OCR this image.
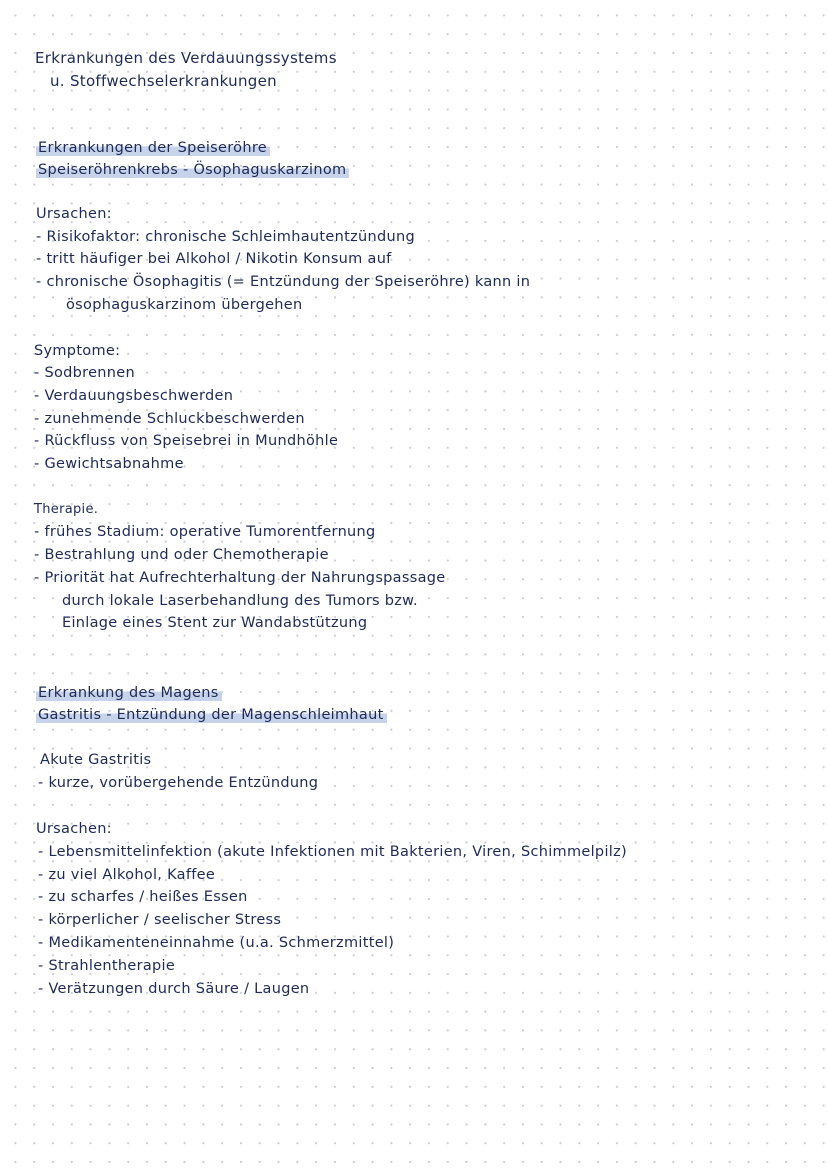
Erkrankungen des Verdauungssystems
u. Stoffwechselerkrankungen
Erkrankungen der Speiseröhre
Speiseröhrenkrebs - Ösophaguskarzinom
Ursachen:
- Risikofaktor: chronische Schleimhautentzündung
- tritt häufiger bei Alkohol / Nikotin Konsum auf
- chronische Ösophagitis (= Entzündung der Speiseröhre) kann in
ösophaguskarzinom übergehen
Symptome:
- Sodbrennen
- Verdauungsbeschwerden
- zunehmende Schluckbeschwerden
- Rückfluss von Speisebrei in Mundhöhle
- Gewichtsabnahme
Therapie.
- frühes Stadium: operative Tumorentfernung
- Bestrahlung und oder Chemotherapie
- Priorität hat Aufrechterhaltung der Nahrungspassage
durch lokale Laserbehandlung des Tumors bzw.
Einlage eines Stent zur Wandabstützung
Erkrankung des Magens
Gastritis - Entzündung der Magenschleimhaut
Akute Gastritis
- kurze, vorübergehende Entzündung
Ursachen:
- Lebensmittelinfektion (akute Infektionen mit Bakterien, Viren, Schimmelpilz)
- zu viel Alkohol, Kaffee
- zu scharfes / heißes Essen
- körperlicher / seelischer Stress
- Medikamenteneinnahme (u.a. Schmerzmittel)
- Strahlentherapie
- Verätzungen durch Säure / Laugen
